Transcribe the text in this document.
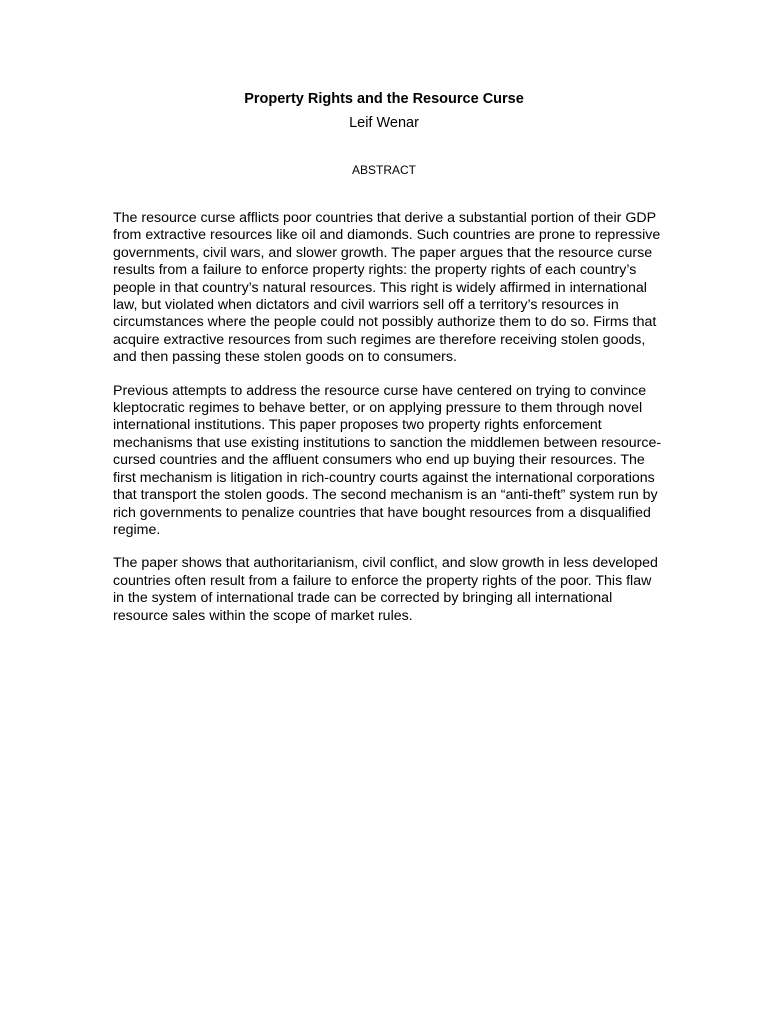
Property Rights and the Resource Curse
Leif Wenar
ABSTRACT

The resource curse afflicts poor countries that derive a substantial portion of their GDP from extractive resources like oil and diamonds. Such countries are prone to repressive governments, civil wars, and slower growth. The paper argues that the resource curse results from a failure to enforce property rights: the property rights of each country’s people in that country’s natural resources. This right is widely affirmed in international law, but violated when dictators and civil warriors sell off a territory’s resources in circumstances where the people could not possibly authorize them to do so. Firms that acquire extractive resources from such regimes are therefore receiving stolen goods, and then passing these stolen goods on to consumers.

Previous attempts to address the resource curse have centered on trying to convince kleptocratic regimes to behave better, or on applying pressure to them through novel international institutions. This paper proposes two property rights enforcement mechanisms that use existing institutions to sanction the middlemen between resource-cursed countries and the affluent consumers who end up buying their resources. The first mechanism is litigation in rich-country courts against the international corporations that transport the stolen goods. The second mechanism is an “anti-theft” system run by rich governments to penalize countries that have bought resources from a disqualified regime.

The paper shows that authoritarianism, civil conflict, and slow growth in less developed countries often result from a failure to enforce the property rights of the poor. This flaw in the system of international trade can be corrected by bringing all international resource sales within the scope of market rules.
